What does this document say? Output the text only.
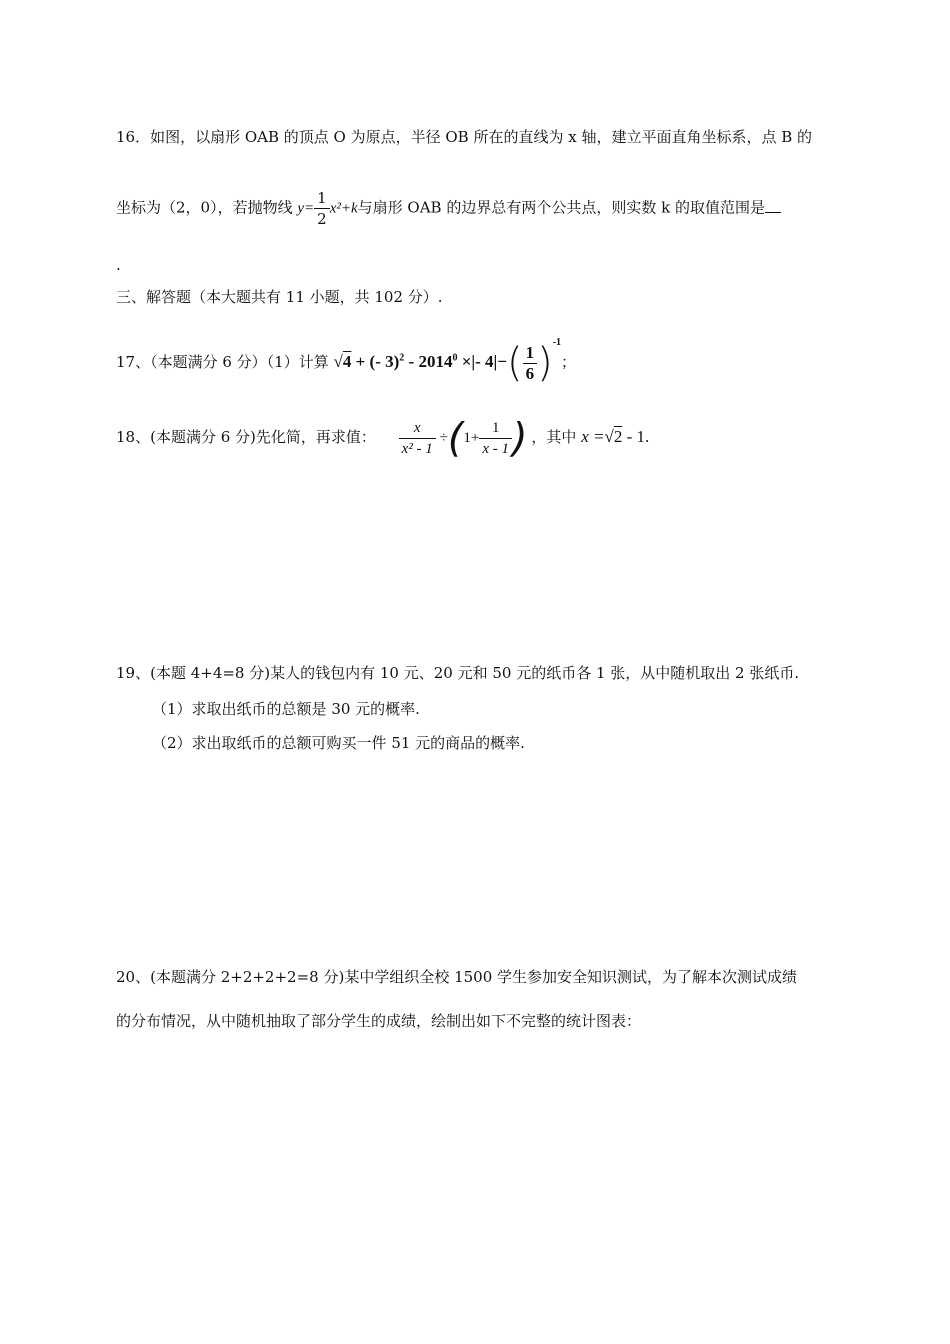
16．如图，以扇形 OAB 的顶点 O 为原点，半径 OB 所在的直线为 x 轴，建立平面直角坐标系，点 B 的
坐标为（2，0），若抛物线 $y= \frac{1}{2} x^2+k$与扇形 OAB 的边界总有两个公共点，则实数 k 的取值范围是
.
三、解答题（本大题共有 11 小题，共 102 分）.
17、（本题满分 6 分）（1）计算 √4 + (- $3)^2 - 2014^0$ ×|- $4|-( \frac{1}{6} )^{-1}$；
18、(本题满分 6 分)先化简，再求值： $\frac{x}{\text{x² - 1}} \div(1+ \frac{1}{x - 1}$ ) ，其中 x =√2 - 1.
19、(本题 4+4=8 分)某人的钱包内有 10 元、20 元和 50 元的纸币各 1 张，从中随机取出 2 张纸币.
（1）求取出纸币的总额是 30 元的概率.
（2）求出取纸币的总额可购买一件 51 元的商品的概率.
20、(本题满分 2+2+2+2=8 分)某中学组织全校 1500 学生参加安全知识测试，为了解本次测试成绩
的分布情况，从中随机抽取了部分学生的成绩，绘制出如下不完整的统计图表：
